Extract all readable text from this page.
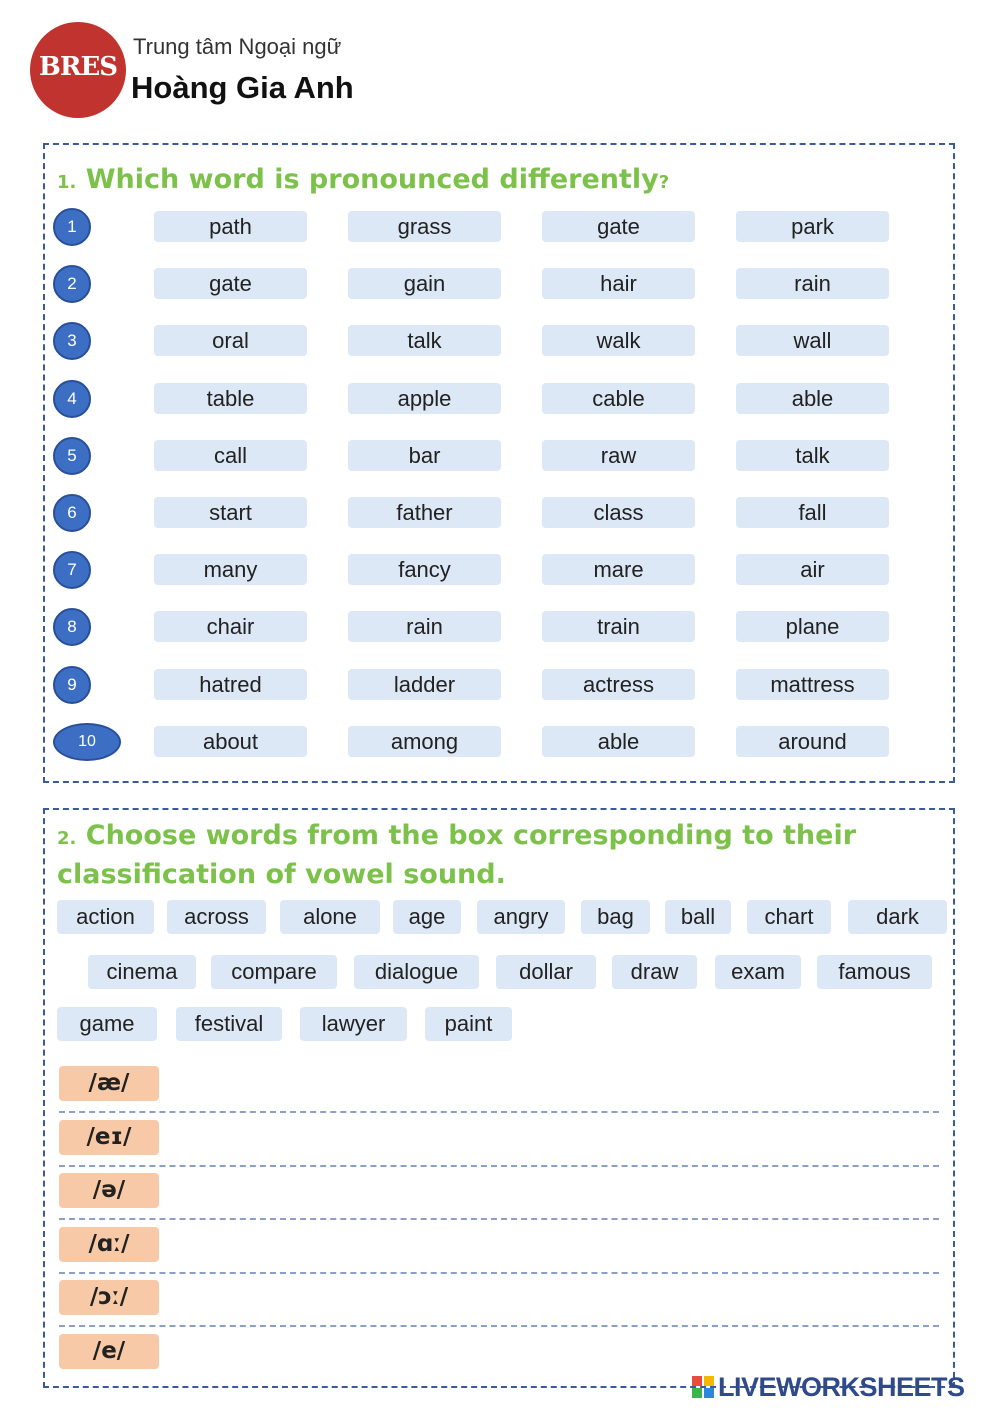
BRES
Trung tâm Ngoại ngữ
Hoàng Gia Anh
1. Which word is pronounced differently?
1	path	grass	gate	park
2	gate	gain	hair	rain
3	oral	talk	walk	wall
4	table	apple	cable	able
5	call	bar	raw	talk
6	start	father	class	fall
7	many	fancy	mare	air
8	chair	rain	train	plane
9	hatred	ladder	actress	mattress
10	about	among	able	around
2. Choose words from the box corresponding to their classification of vowel sound.
action	across	alone	age	angry	bag	ball	chart	dark
cinema	compare	dialogue	dollar	draw	exam	famous
game	festival	lawyer	paint
/æ/
/eɪ/
/ə/
/ɑː/
/ɔː/
/e/
LIVEWORKSHEETS
